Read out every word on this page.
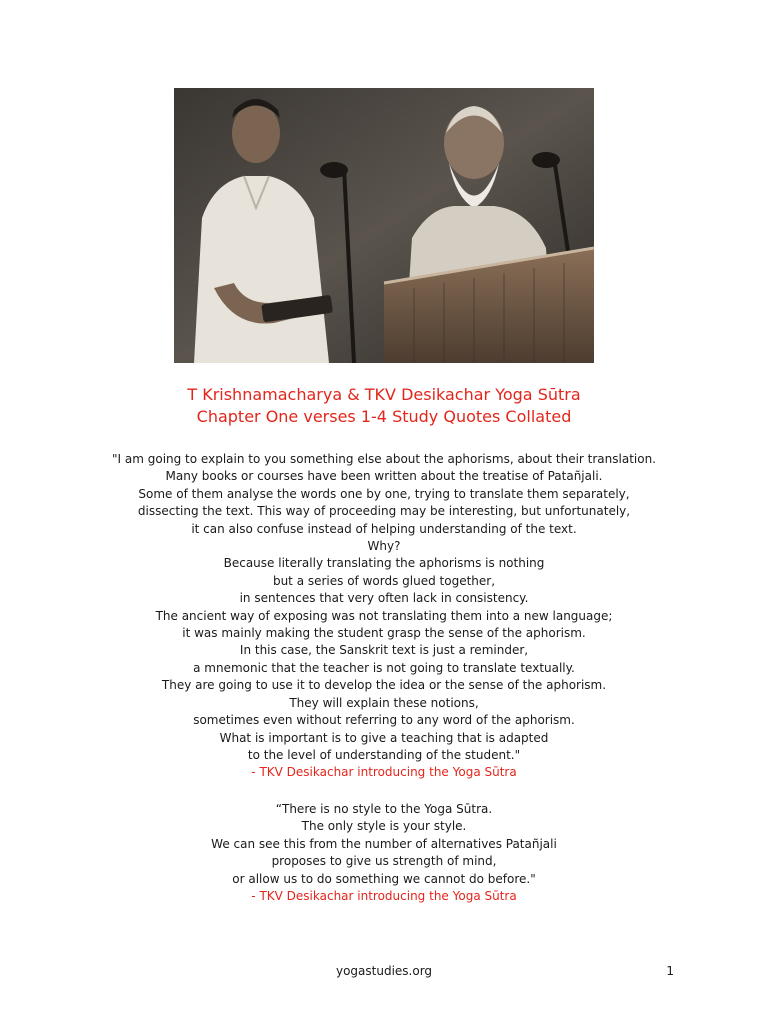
T Krishnamacharya & TKV Desikachar Yoga Sūtra
Chapter One verses 1-4 Study Quotes Collated
"I am going to explain to you something else about the aphorisms, about their translation.
Many books or courses have been written about the treatise of Patañjali.
Some of them analyse the words one by one, trying to translate them separately,
dissecting the text. This way of proceeding may be interesting, but unfortunately,
it can also confuse instead of helping understanding of the text.
Why?
Because literally translating the aphorisms is nothing
but a series of words glued together,
in sentences that very often lack in consistency.
The ancient way of exposing was not translating them into a new language;
it was mainly making the student grasp the sense of the aphorism.
In this case, the Sanskrit text is just a reminder,
a mnemonic that the teacher is not going to translate textually.
They are going to use it to develop the idea or the sense of the aphorism.
They will explain these notions,
sometimes even without referring to any word of the aphorism.
What is important is to give a teaching that is adapted
to the level of understanding of the student."
- TKV Desikachar introducing the Yoga Sūtra
“There is no style to the Yoga Sūtra.
The only style is your style.
We can see this from the number of alternatives Patañjali
proposes to give us strength of mind,
or allow us to do something we cannot do before."
- TKV Desikachar introducing the Yoga Sūtra
yogastudies.org	1
